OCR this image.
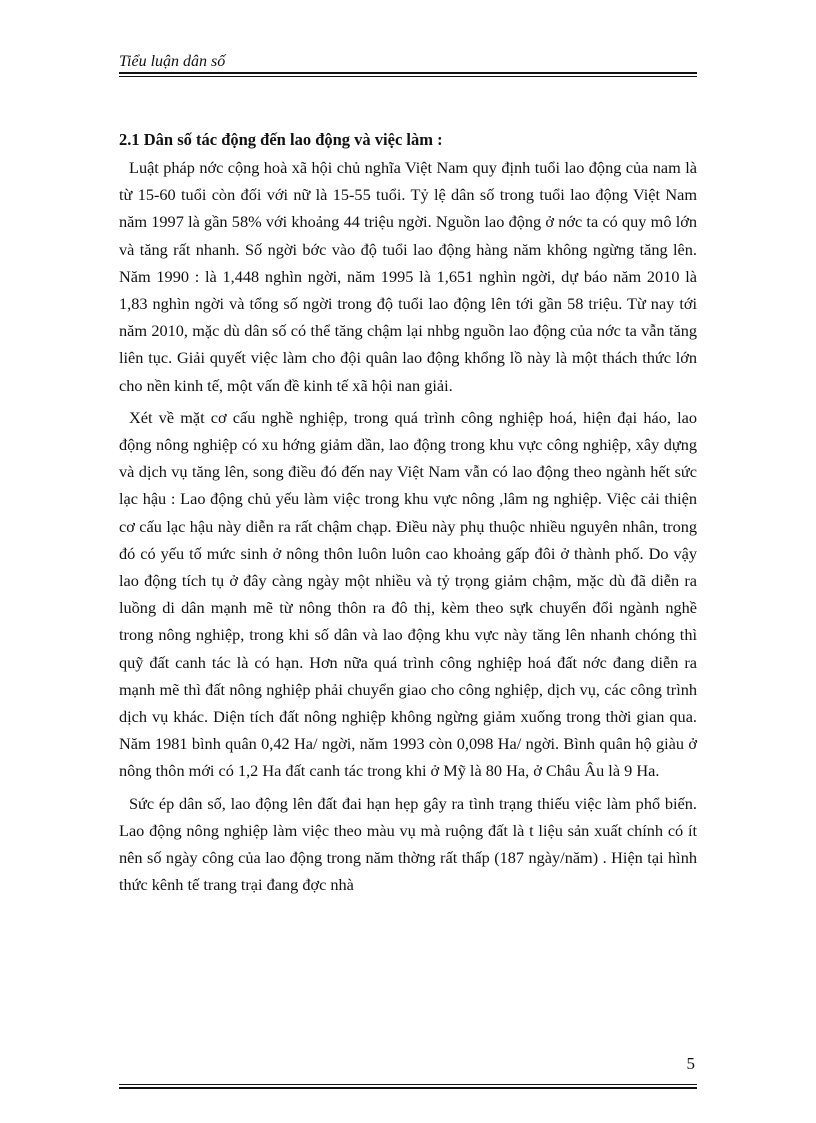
Tiểu luận dân số
2.1 Dân số tác động đến lao động và việc làm :

Luật pháp nớc cộng hoà xã hội chủ nghĩa Việt Nam quy định tuổi lao động của nam là từ 15-60 tuổi còn đối với nữ là 15-55 tuổi. Tỷ lệ dân số trong tuổi lao động Việt Nam năm 1997 là gần 58% với khoảng 44 triệu ngời. Nguồn lao động ở nớc ta có quy mô lớn và tăng rất nhanh. Số ngời bớc vào độ tuổi lao động hàng năm không ngừng tăng lên. Năm 1990 : là 1,448 nghìn ngời, năm 1995 là 1,651 nghìn ngời, dự báo năm 2010 là 1,83 nghìn ngời và tổng số ngời trong độ tuổi lao động lên tới gần 58 triệu. Từ nay tới năm 2010, mặc dù dân số có thể tăng chậm lại nhbg nguồn lao động của nớc ta vẫn tăng liên tục. Giải quyết việc làm cho đội quân lao động khổng lồ này là một thách thức lớn cho nền kinh tế, một vấn đề kinh tế xã hội nan giải.

Xét về mặt cơ cấu nghề nghiệp, trong quá trình công nghiệp hoá, hiện đại háo, lao động nông nghiệp có xu hớng giảm dần, lao động trong khu vực công nghiệp, xây dựng và dịch vụ tăng lên, song điều đó đến nay Việt Nam vẫn có lao động theo ngành hết sức lạc hậu : Lao động chủ yếu làm việc trong khu vực nông ,lâm ng nghiệp. Việc cải thiện cơ cấu lạc hậu này diễn ra rất chậm chạp. Điều này phụ thuộc nhiều nguyên nhân, trong đó có yếu tố mức sinh ở nông thôn luôn luôn cao khoảng gấp đôi ở thành phố. Do vậy lao động tích tụ ở đây càng ngày một nhiều và tỷ trọng giảm chậm, mặc dù đã diễn ra luồng di dân mạnh mẽ từ nông thôn ra đô thị, kèm theo sựk chuyển đổi ngành nghề trong nông nghiệp, trong khi số dân và lao động khu vực này tăng lên nhanh chóng thì quỹ đất canh tác là có hạn. Hơn nữa quá trình công nghiệp hoá đất nớc đang diễn ra mạnh mẽ thì đất nông nghiệp phải chuyển giao cho công nghiệp, dịch vụ, các công trình dịch vụ khác. Diện tích đất nông nghiệp không ngừng giảm xuống trong thời gian qua. Năm 1981 bình quân 0,42 Ha/ ngời, năm 1993 còn 0,098 Ha/ ngời. Bình quân hộ giàu ở nông thôn mới có 1,2 Ha đất canh tác trong khi ở Mỹ là 80 Ha, ở Châu Âu là 9 Ha.

Sức ép dân số, lao động lên đất đai hạn hẹp gây ra tình trạng thiếu việc làm phổ biến. Lao động nông nghiệp làm việc theo màu vụ mà ruộng đất là t liệu sản xuất chính có ít nên số ngày công của lao động trong năm thờng rất thấp (187 ngày/năm) . Hiện tại hình thức kênh tế trang trại đang đợc nhà

5
